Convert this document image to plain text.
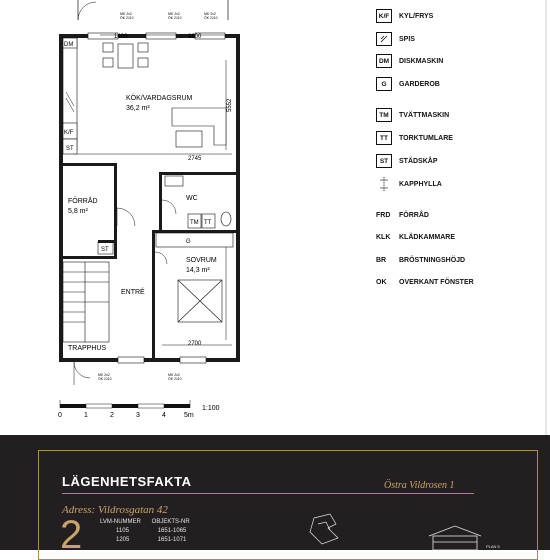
MK 2x2
ÖK 2110
MK 2x2
ÖK 2110
MK 2x2
ÖK 2110
MK 2x2
ÖK 2110
MK 2x2
ÖK 2110
1400	2600
2745
2700
5552
DM
K/F
ST
KÖK/VARDAGSRUM
36,2 m²
FÖRRÅD
5,8 m²
WC
SOVRUM
14,3 m²
ENTRÉ
TRAPPHUS
TM TT
G
ST
0	1	2	3	4	5m
1:100
K/F	KYL/FRYS
SPIS
DM	DISKMASKIN
G	GARDEROB
TM	TVÄTTMASKIN
TT	TORKTUMLARE
ST	STÄDSKÅP
KAPPHYLLA
FRD	FÖRRÅD
KLK	KLÄDKAMMARE
BR	BRÖSTNINGSHÖJD
OK	OVERKANT FÖNSTER
LÄGENHETSFAKTA	Östra Vildrosen 1
Adress: Vildrosgatan 42
2	LVM-NUMMER OBJEKTS-NR
1105	1651-1065
1205	1651-1071
PLAN 5
